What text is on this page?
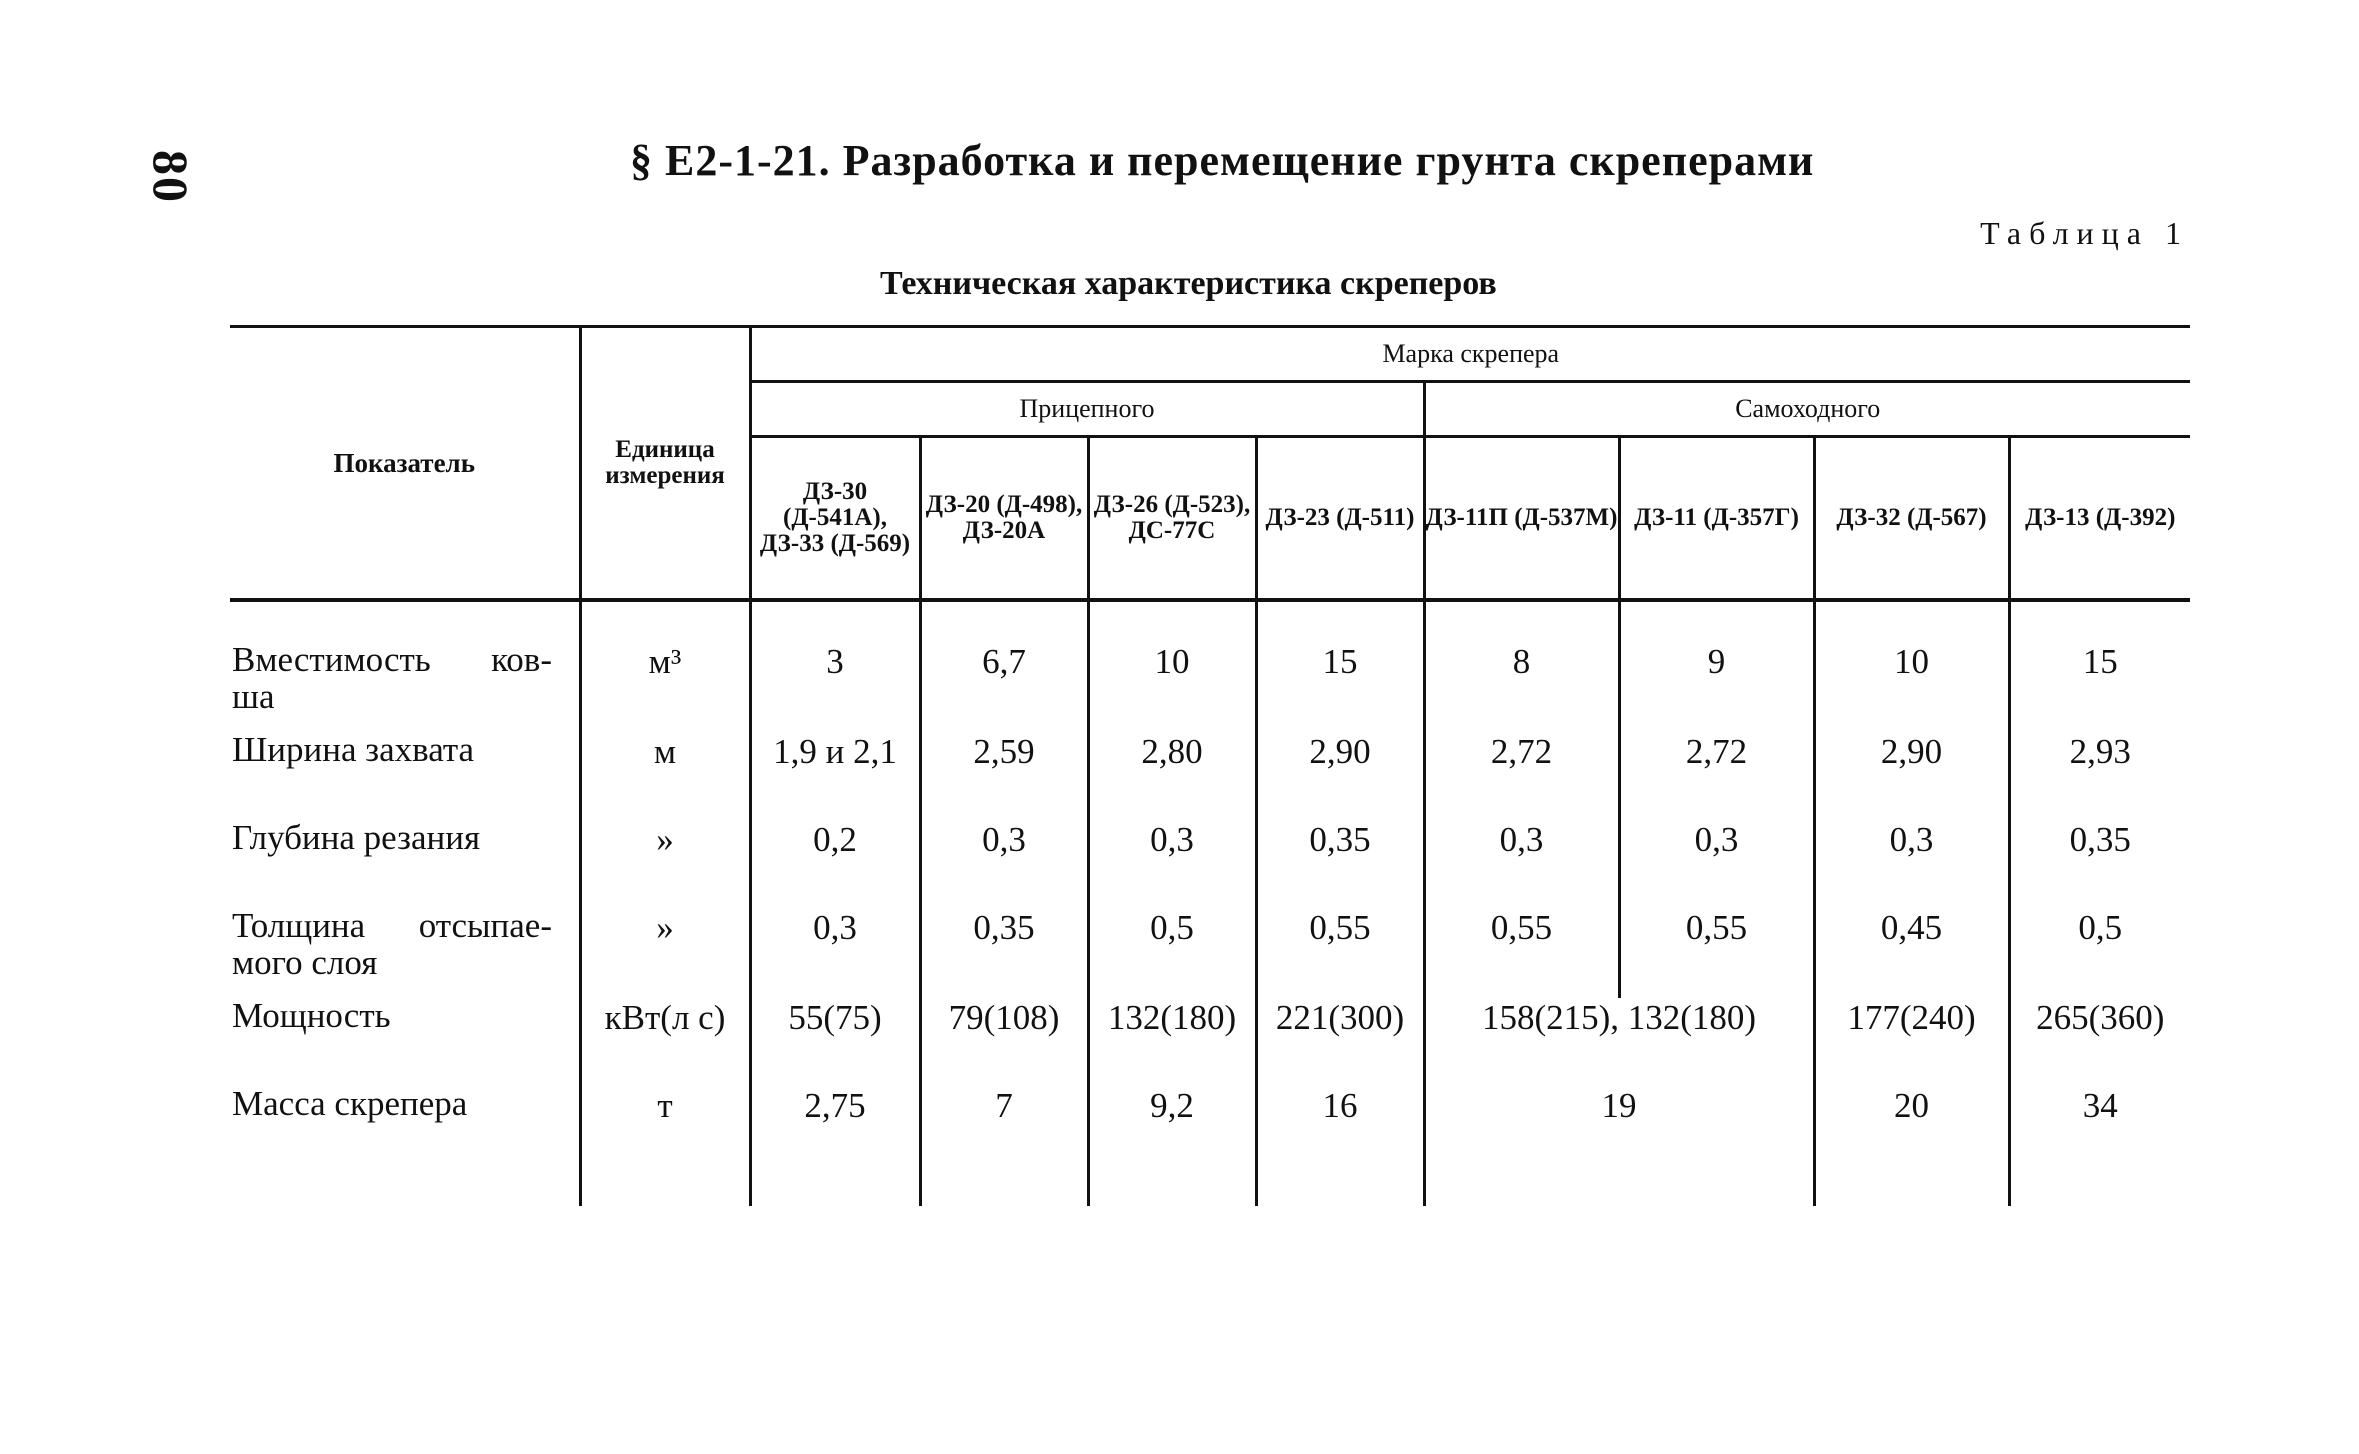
80	§ Е2-1-21. Разработка и перемещение грунта скреперами
Таблица 1
Техническая характеристика скреперов
Показатель	Единица измерения	Марка скрепера							
		Прицепного				Самоходного			
		ДЗ-30 (Д-541А), ДЗ-33 (Д-569)	ДЗ-20 (Д-498), ДЗ-20А	ДЗ-26 (Д-523), ДС-77С	ДЗ-23 (Д-511)	ДЗ-11П (Д-537М)	ДЗ-11 (Д-357Г)	ДЗ-32 (Д-567)	ДЗ-13 (Д-392)

Вместимость ков-
ша	м³	3	6,7	10	15	8	9	10	15
Ширина захвата	м	1,9 и 2,1	2,59	2,80	2,90	2,72	2,72	2,90	2,93
Глубина резания	»	0,2	0,3	0,3	0,35	0,3	0,3	0,3	0,35

Толщина отсыпае-
мого слоя	»	0,3	0,35	0,5	0,55	0,55	0,55	0,45	0,5
Мощность	кВт(л с)	55(75)	79(108)	132(180)	221(300)	158(215), 132(180)		177(240)	265(360)
Масса скрепера	т	2,75	7	9,2	16	19		20	34
